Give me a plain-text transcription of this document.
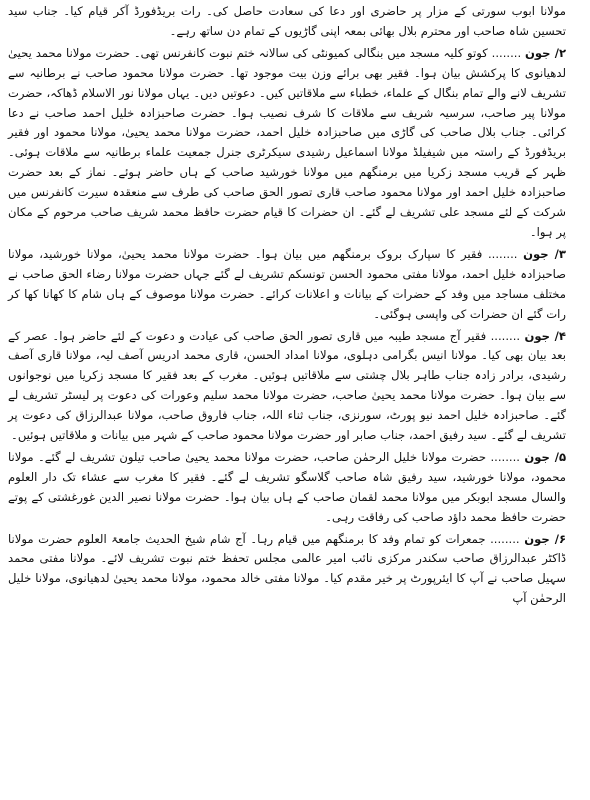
مولانا ابوب سورتی کے مزار پر حاضری اور دعا کی سعادت حاصل کی۔ رات بریڈفورڈ آکر قیام کیا۔ جناب سید تحسین شاہ صاحب اور محترم بلال بھائی بمعہ اپنی گاڑیوں کے تمام دن ساتھ رہے۔

۲/ جون ........ کوتو کلیہ مسجد میں بنگالی کمیونٹی کی سالانہ ختم نبوت کانفرنس تھی۔ حضرت مولانا محمد یحییٰ لدھیانوی کا پرکشش بیان ہوا۔ فقیر بھی برائے وزن بیت موجود تھا۔ حضرت مولانا محمود صاحب نے برطانیہ سے تشریف لانے والے تمام بنگال کے علماء، خطباء سے ملاقاتیں کیں۔ دعوتیں دیں۔ یہاں مولانا نور الاسلام ڈھاکہ، حضرت مولانا پیر صاحب، سرسیہ شریف سے ملاقات کا شرف نصیب ہوا۔ حضرت صاحبزادہ خلیل احمد صاحب نے دعا کرائی۔ جناب بلال صاحب کی گاڑی میں صاحبزادہ خلیل احمد، حضرت مولانا محمد یحییٰ، مولانا محمود اور فقیر بریڈفورڈ کے راستہ میں شیفیلڈ مولانا اسماعیل رشیدی سیکرٹری جنرل جمعیت علماء برطانیہ سے ملاقات ہوئی۔ ظہر کے قریب مسجد زکریا میں برمنگھم میں مولانا خورشید صاحب کے ہاں حاضر ہوئے۔ نماز کے بعد حضرت صاحبزادہ خلیل احمد اور مولانا محمود صاحب قاری تصور الحق صاحب کی طرف سے منعقدہ سیرت کانفرنس میں شرکت کے لئے مسجد علی تشریف لے گئے۔ ان حضرات کا قیام حضرت حافظ محمد شریف صاحب مرحوم کے مکان پر ہوا۔

۳/ جون ........ فقیر کا سپارک بروک برمنگھم میں بیان ہوا۔ حضرت مولانا محمد یحییٰ، مولانا خورشید، مولانا صاحبزادہ خلیل احمد، مولانا مفتی محمود الحسن تونسکم تشریف لے گئے جہاں حضرت مولانا رضاء الحق صاحب نے مختلف مساجد میں وفد کے حضرات کے بیانات و اعلانات کرائے۔ حضرت مولانا موصوف کے ہاں شام کا کھانا کھا کر رات گئے ان حضرات کی واپسی ہوگئی۔

۴/ جون ........ فقیر آج مسجد طیبہ میں قاری تصور الحق صاحب کی عیادت و دعوت کے لئے حاضر ہوا۔ عصر کے بعد بیان بھی کیا۔ مولانا انیس بگرامی دہلوی، مولانا امداد الحسن، قاری محمد ادریس آصف لیہ، مولانا قاری آصف رشیدی، برادر زادہ جناب طاہر بلال چشتی سے ملاقاتیں ہوئیں۔ مغرب کے بعد فقیر کا مسجد زکریا میں نوجوانوں سے بیان ہوا۔ حضرت مولانا محمد یحییٰ صاحب، حضرت مولانا محمد سلیم وعورات کی دعوت پر لیسٹر تشریف لے گئے۔ صاحبزادہ خلیل احمد نیو پورٹ، سورنزی، جناب ثناء اللہ، جناب فاروق صاحب، مولانا عبدالرزاق کی دعوت پر تشریف لے گئے۔ سید رفیق احمد، جناب صابر اور حضرت مولانا محمود صاحب کے شہر میں بیانات و ملاقاتیں ہوئیں۔

۵/ جون ........ حضرت مولانا خلیل الرحمٰن صاحب، حضرت مولانا محمد یحییٰ صاحب تیلون تشریف لے گئے۔ مولانا محمود، مولانا خورشید، سید رفیق شاہ صاحب گلاسگو تشریف لے گئے۔ فقیر کا مغرب سے عشاء تک دار العلوم والسال مسجد ابوبکر میں مولانا محمد لقمان صاحب کے ہاں بیان ہوا۔ حضرت مولانا نصیر الدین غورغشتی کے پوتے حضرت حافظ محمد داؤد صاحب کی رفاقت رہی۔

۶/ جون ........ جمعرات کو تمام وفد کا برمنگھم میں قیام رہا۔ آج شام شیخ الحدیث جامعۃ العلوم حضرت مولانا ڈاکٹر عبدالرزاق صاحب سکندر مرکزی نائب امیر عالمی مجلس تحفظ ختم نبوت تشریف لائے۔ مولانا مفتی محمد سہیل صاحب نے آپ کا ایئرپورٹ پر خیر مقدم کیا۔ مولانا مفتی خالد محمود، مولانا محمد یحییٰ لدھیانوی، مولانا خلیل الرحمٰن آپ
